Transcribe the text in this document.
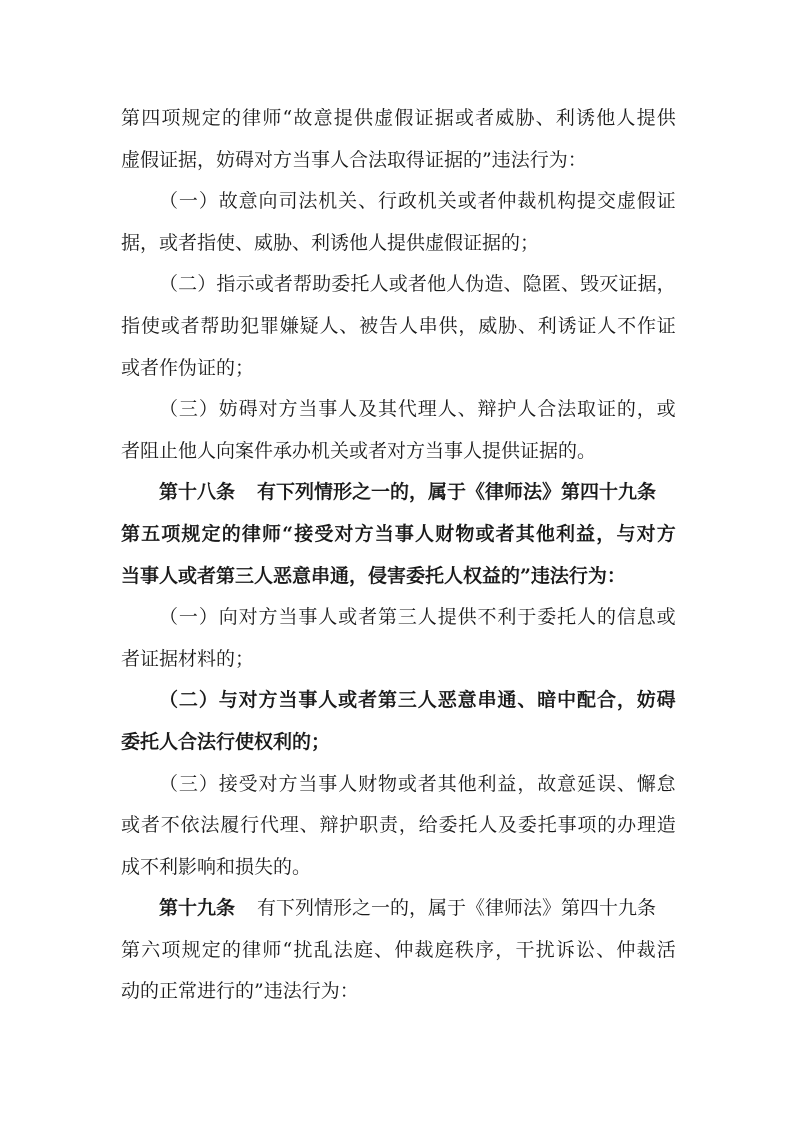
第 四 项 规 定 的 律 师 “ 故 意 提 供 虚 假 证 据 或 者 威 胁 、 利 诱 他 人 提 供
虚假证据，妨碍对方当事人合法取得证据的”违法行为：
（ 一 ） 故 意 向 司 法 机 关 、 行 政 机 关 或 者 仲 裁 机 构 提 交 虚 假 证
据，或者指使、威胁、利诱他人提供虚假证据的；
（ 二 ） 指 示 或 者 帮 助 委 托 人 或 者 他 人 伪 造 、 隐 匿 、 毁 灭 证 据 ，
指 使 或 者 帮 助 犯 罪 嫌 疑 人 、 被 告 人 串 供 ， 威 胁 、 利 诱 证 人 不 作 证
或者作伪证的；
（ 三 ） 妨 碍 对 方 当 事 人 及 其 代 理 人 、 辩 护 人 合 法 取 证 的 ， 或
者阻止他人向案件承办机关或者对方当事人提供证据的。
第十八条 有下列情形之一的，属于《律师法》第四十九条
第 五 项 规 定 的 律 师 “ 接 受 对 方 当 事 人 财 物 或 者 其 他 利 益 ， 与 对 方
当事人或者第三人恶意串通，侵害委托人权益的”违法行为：
（ 一 ） 向 对 方 当 事 人 或 者 第 三 人 提 供 不 利 于 委 托 人 的 信 息 或
者证据材料的；
（ 二 ） 与 对 方 当 事 人 或 者 第 三 人 恶 意 串 通 、 暗 中 配 合 ， 妨 碍
委托人合法行使权利的；
（ 三 ） 接 受 对 方 当 事 人 财 物 或 者 其 他 利 益 ， 故 意 延 误 、 懈 怠
或 者 不 依 法 履 行 代 理 、 辩 护 职 责 ， 给 委 托 人 及 委 托 事 项 的 办 理 造
成不利影响和损失的。
第十九条 有下列情形之一的，属于《律师法》第四十九条
第 六 项 规 定 的 律 师 “ 扰 乱 法 庭 、 仲 裁 庭 秩 序 ， 干 扰 诉 讼 、 仲 裁 活
动的正常进行的”违法行为：
